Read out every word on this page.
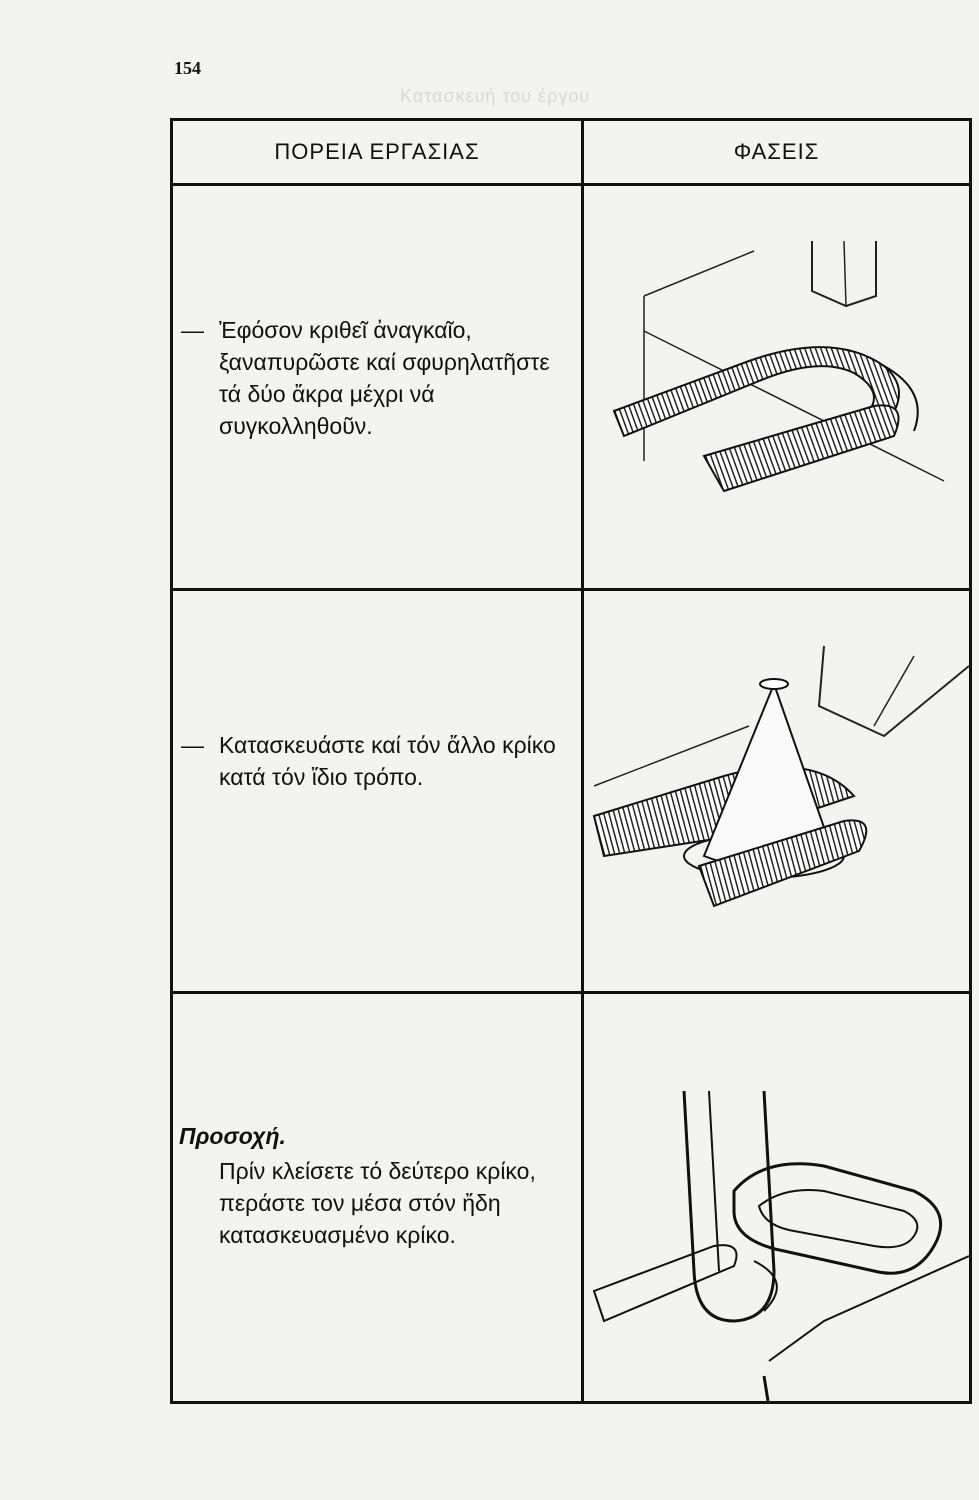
154
Κατασκευή του έργου
ΠΟΡΕΙΑ ΕΡΓΑΣΙΑΣ	ΦΑΣΕΙΣ
— Ἐφόσον κριθεῖ ἀναγκαῖο, ξαναπυρῶστε καί σφυρηλατῆστε τά δύο ἄκρα μέχρι νά συγκολληθοῦν.
— Κατασκευάστε καί τόν ἄλλο κρίκο κατά τόν ἴδιο τρόπο.
Προσοχή.
Πρίν κλείσετε τό δεύτερο κρίκο, περάστε τον μέσα στόν ἤδη κατασκευασμένο κρίκο.
